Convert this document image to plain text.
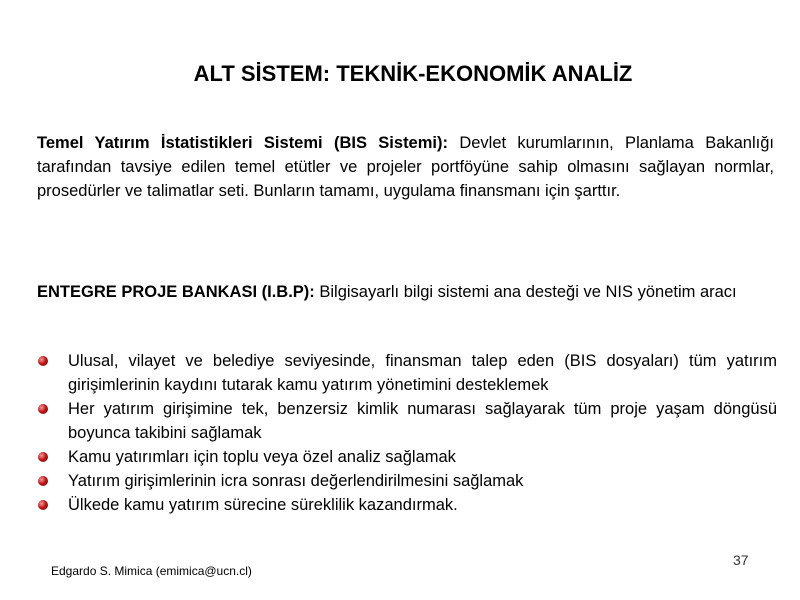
ALT SİSTEM: TEKNİK-EKONOMİK ANALİZ

Temel Yatırım İstatistikleri Sistemi (BIS Sistemi): Devlet kurumlarının, Planlama Bakanlığı tarafından tavsiye edilen temel etütler ve projeler portföyüne sahip olmasını sağlayan normlar, prosedürler ve talimatlar seti. Bunların tamamı, uygulama finansmanı için şarttır.

ENTEGRE PROJE BANKASI (I.B.P): Bilgisayarlı bilgi sistemi ana desteği ve NIS yönetim aracı

Ulusal, vilayet ve belediye seviyesinde, finansman talep eden (BIS dosyaları) tüm yatırım girişimlerinin kaydını tutarak kamu yatırım yönetimini desteklemek
Her yatırım girişimine tek, benzersiz kimlik numarası sağlayarak tüm proje yaşam döngüsü boyunca takibini sağlamak
Kamu yatırımları için toplu veya özel analiz sağlamak
Yatırım girişimlerinin icra sonrası değerlendirilmesini sağlamak
Ülkede kamu yatırım sürecine süreklilik kazandırmak.
Edgardo S. Mimica (emimica@ucn.cl)
37
